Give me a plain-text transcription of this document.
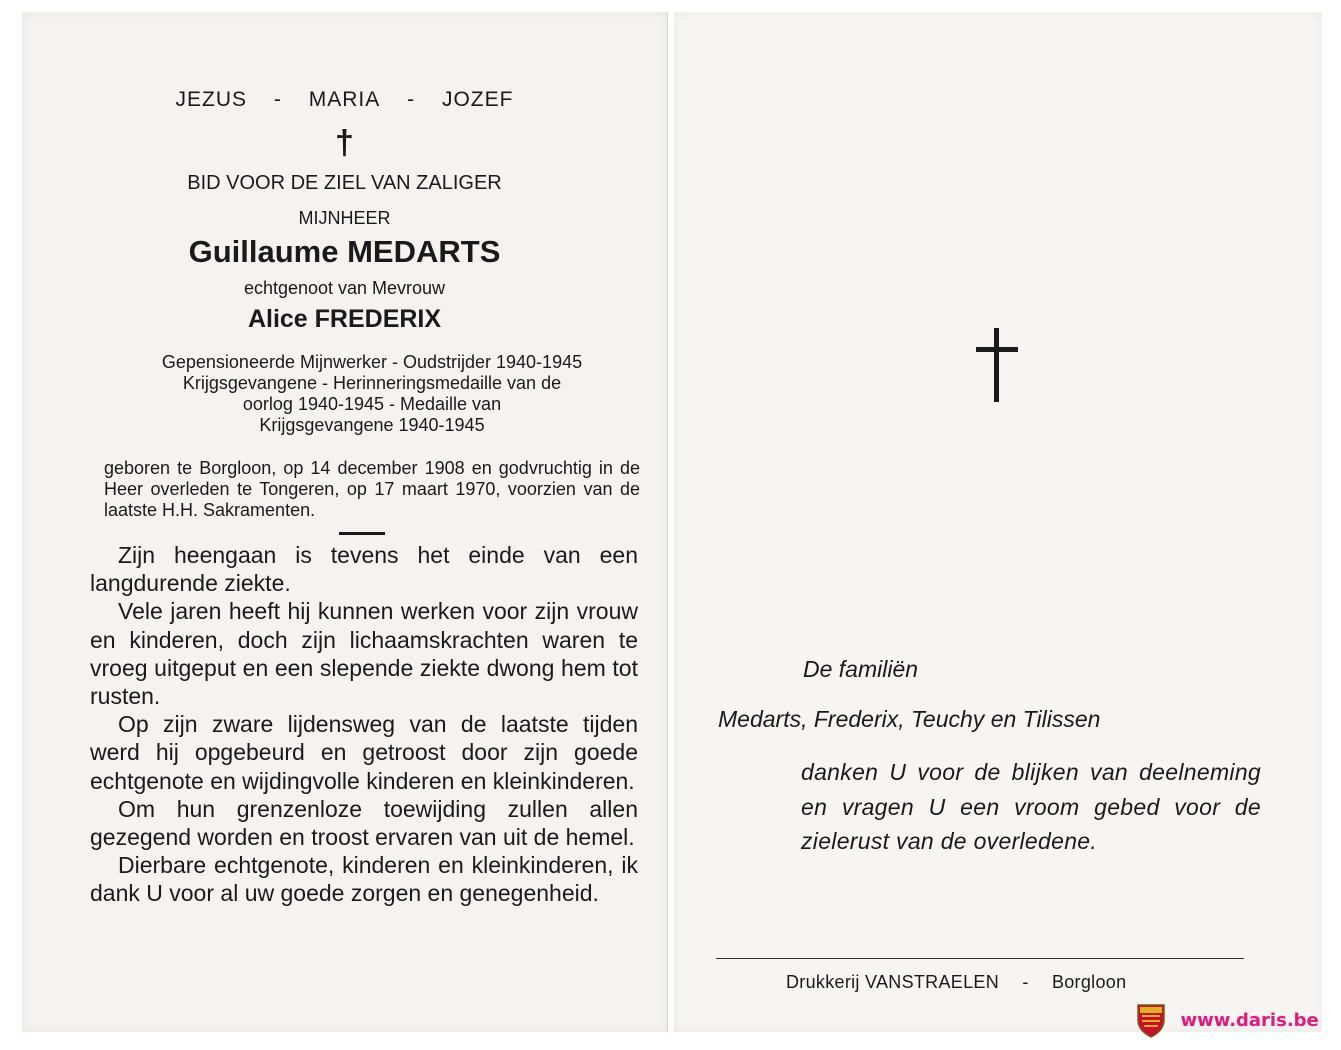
JEZUS - MARIA - JOZEF
†
BID VOOR DE ZIEL VAN ZALIGER
MIJNHEER
Guillaume MEDARTS
echtgenoot van Mevrouw
Alice FREDERIX
Gepensioneerde Mijnwerker - Oudstrijder 1940-1945
Krijgsgevangene - Herinneringsmedaille van de
oorlog 1940-1945 - Medaille van
Krijgsgevangene 1940-1945
geboren te Borgloon, op 14 december 1908 en godvruchtig in de Heer overleden te Tongeren, op 17 maart 1970, voorzien van de laatste H.H. Sakramenten.

Zijn heengaan is tevens het einde van een langdurende ziekte.

Vele jaren heeft hij kunnen werken voor zijn vrouw en kinderen, doch zijn lichaamskrachten waren te vroeg uitgeput en een slepende ziekte dwong hem tot rusten.

Op zijn zware lijdensweg van de laatste tijden werd hij opgebeurd en getroost door zijn goede echtgenote en wijdingvolle kinderen en kleinkinderen.

Om hun grenzenloze toewijding zullen allen gezegend worden en troost ervaren van uit de hemel.

Dierbare echtgenote, kinderen en kleinkinderen, ik dank U voor al uw goede zorgen en genegenheid.

De familiën
Medarts, Frederix, Teuchy en Tilissen
danken U voor de blijken van deelneming en vragen U een vroom gebed voor de zielerust van de overledene.
Drukkerij VANSTRAELEN - Borgloon
www.daris.be
